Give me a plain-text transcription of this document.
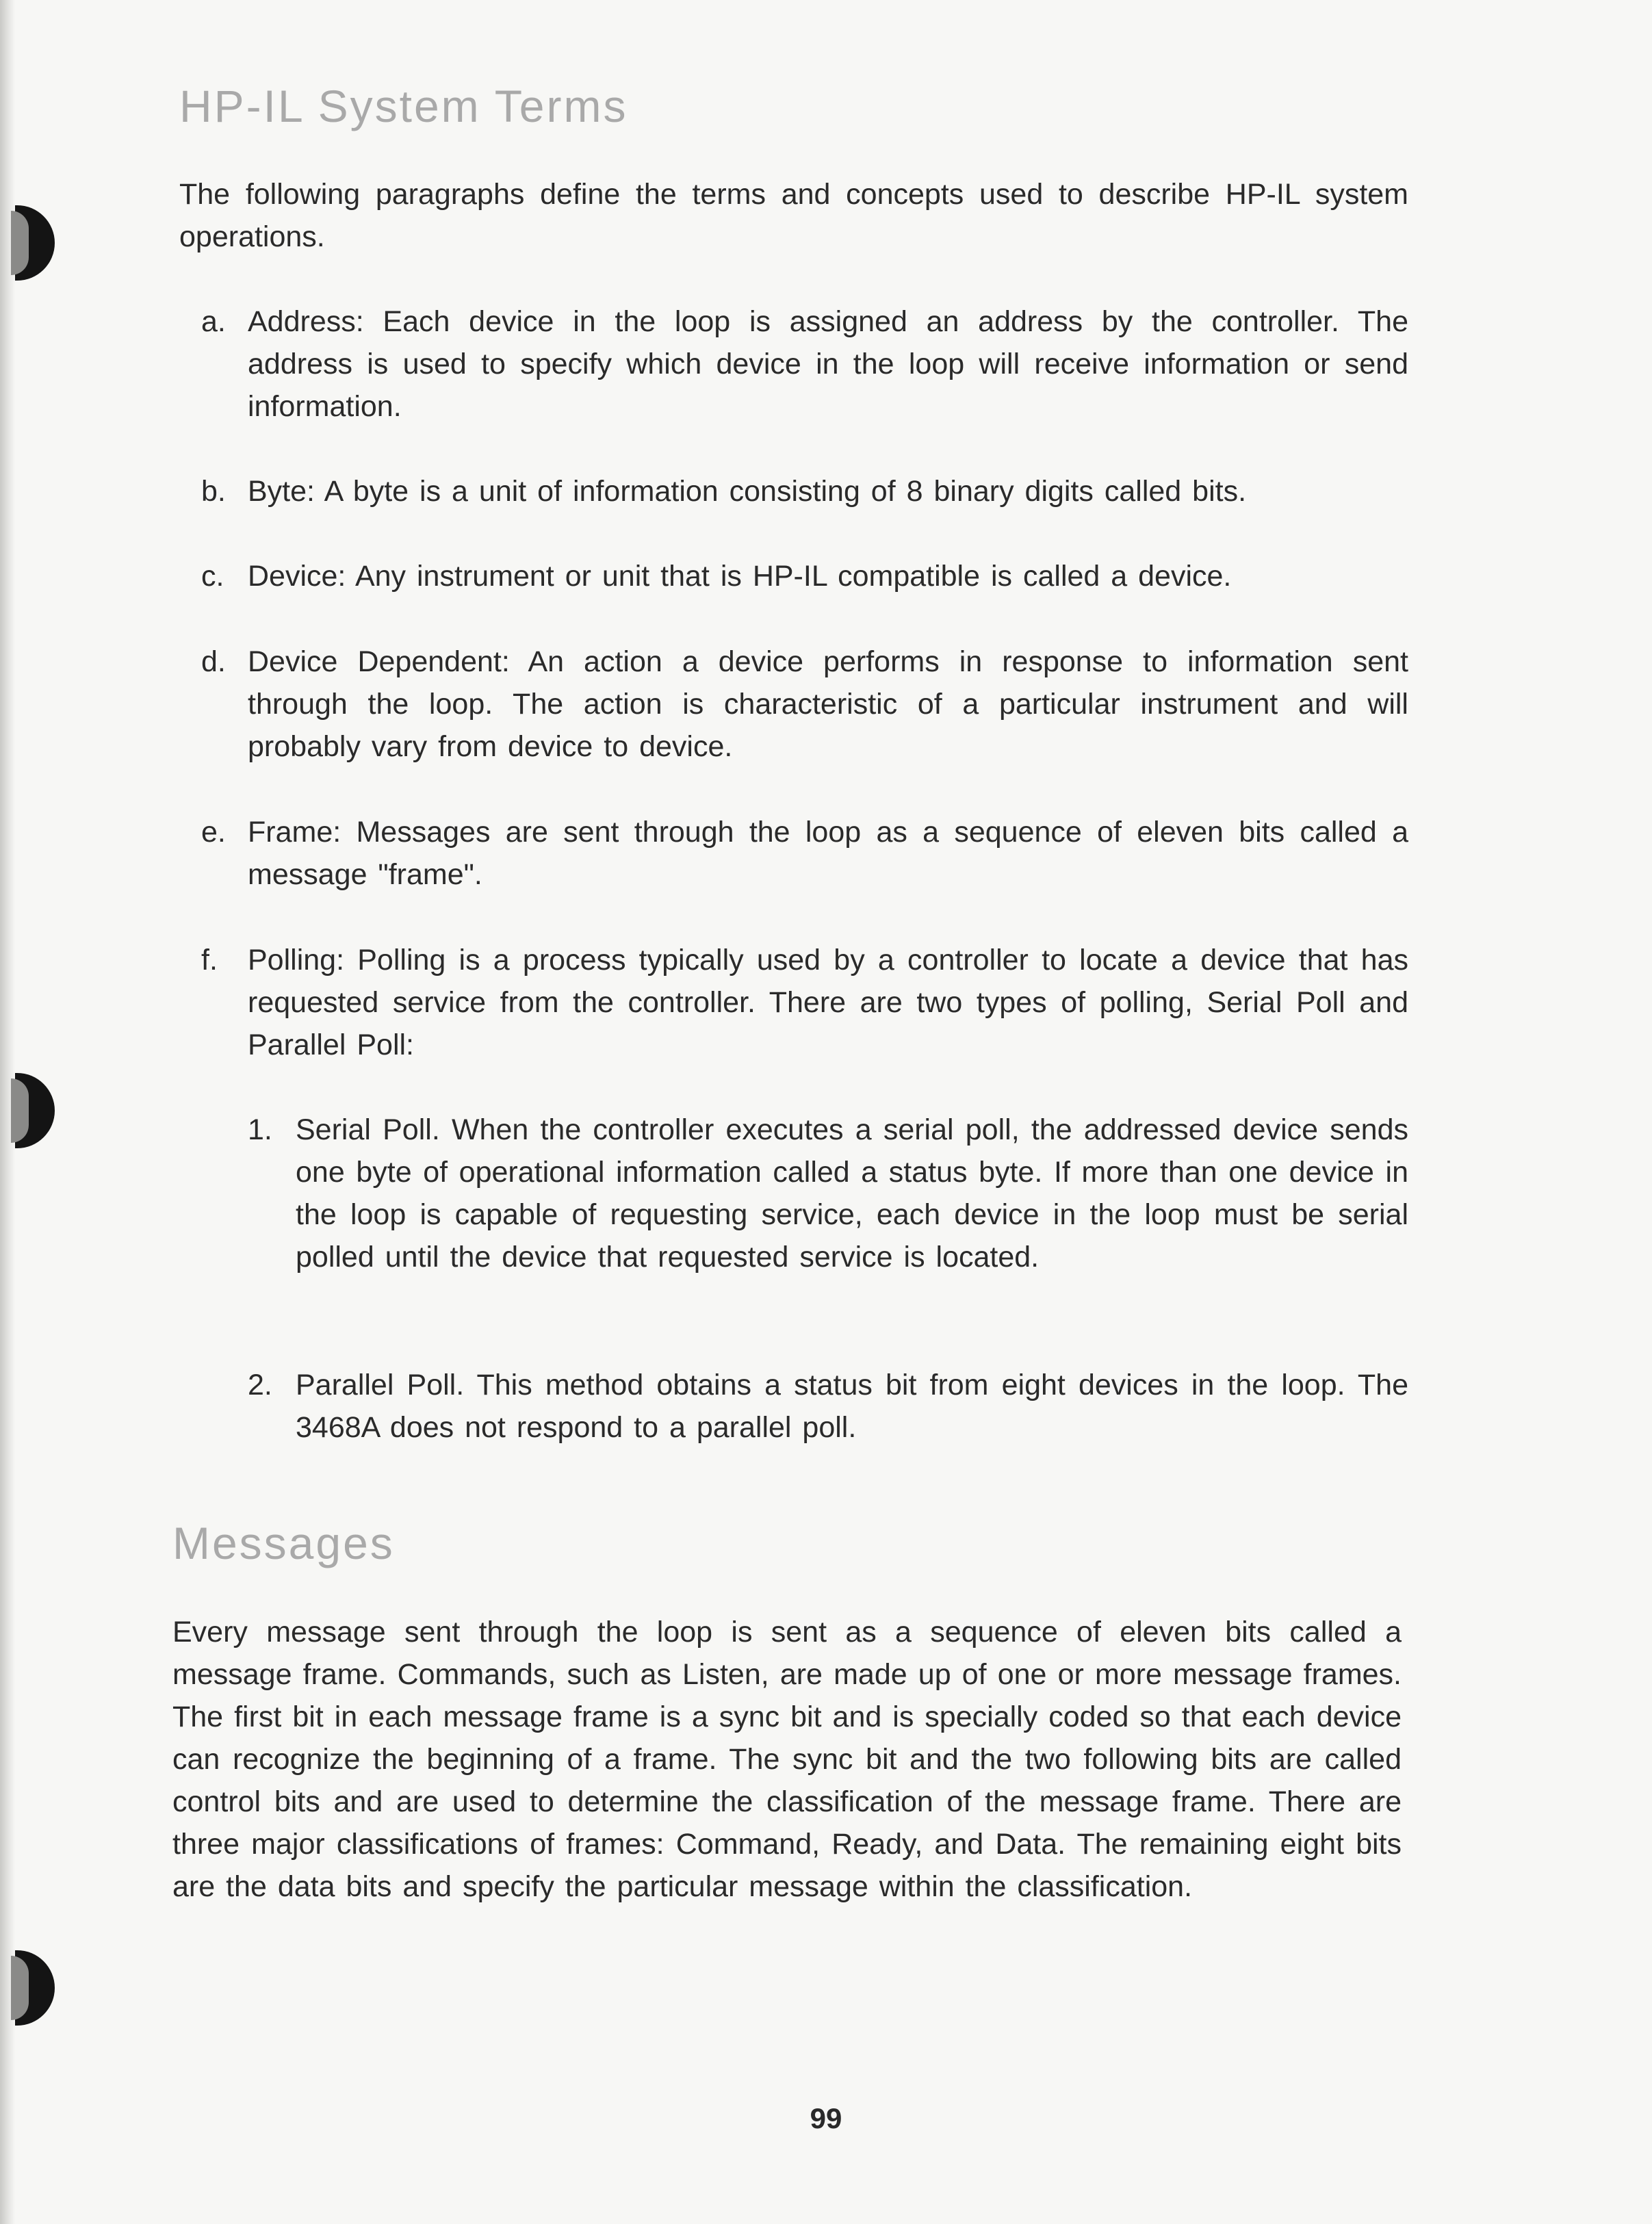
HP-IL System Terms

The following paragraphs define the terms and concepts used to describe HP-IL system operations.

a. Address: Each device in the loop is assigned an address by the controller. The address is used to specify which device in the loop will receive information or send information.
b. Byte: A byte is a unit of information consisting of 8 binary digits called bits.
c. Device: Any instrument or unit that is HP-IL compatible is called a device.
d. Device Dependent: An action a device performs in response to information sent through the loop. The action is characteristic of a particular instrument and will probably vary from device to device.
e. Frame: Messages are sent through the loop as a sequence of eleven bits called a message "frame".
f.	Polling: Polling is a process typically used by a controller to locate a device that has requested service from the controller. There are two types of polling, Serial Poll and Parallel Poll:
1. Serial Poll. When the controller executes a serial poll, the addressed device sends one byte of operational information called a status byte. If more than one device in the loop is capable of requesting service, each device in the loop must be serial polled until the device that requested service is located.
2. Parallel Poll. This method obtains a status bit from eight devices in the loop. The 3468A does not respond to a parallel poll.
Messages

Every message sent through the loop is sent as a sequence of eleven bits called a message frame. Commands, such as Listen, are made up of one or more message frames. The first bit in each message frame is a sync bit and is specially coded so that each device can recognize the beginning of a frame. The sync bit and the two following bits are called control bits and are used to determine the classification of the message frame. There are three major classifications of frames: Command, Ready, and Data. The remaining eight bits are the data bits and specify the particular message within the classification.

99
